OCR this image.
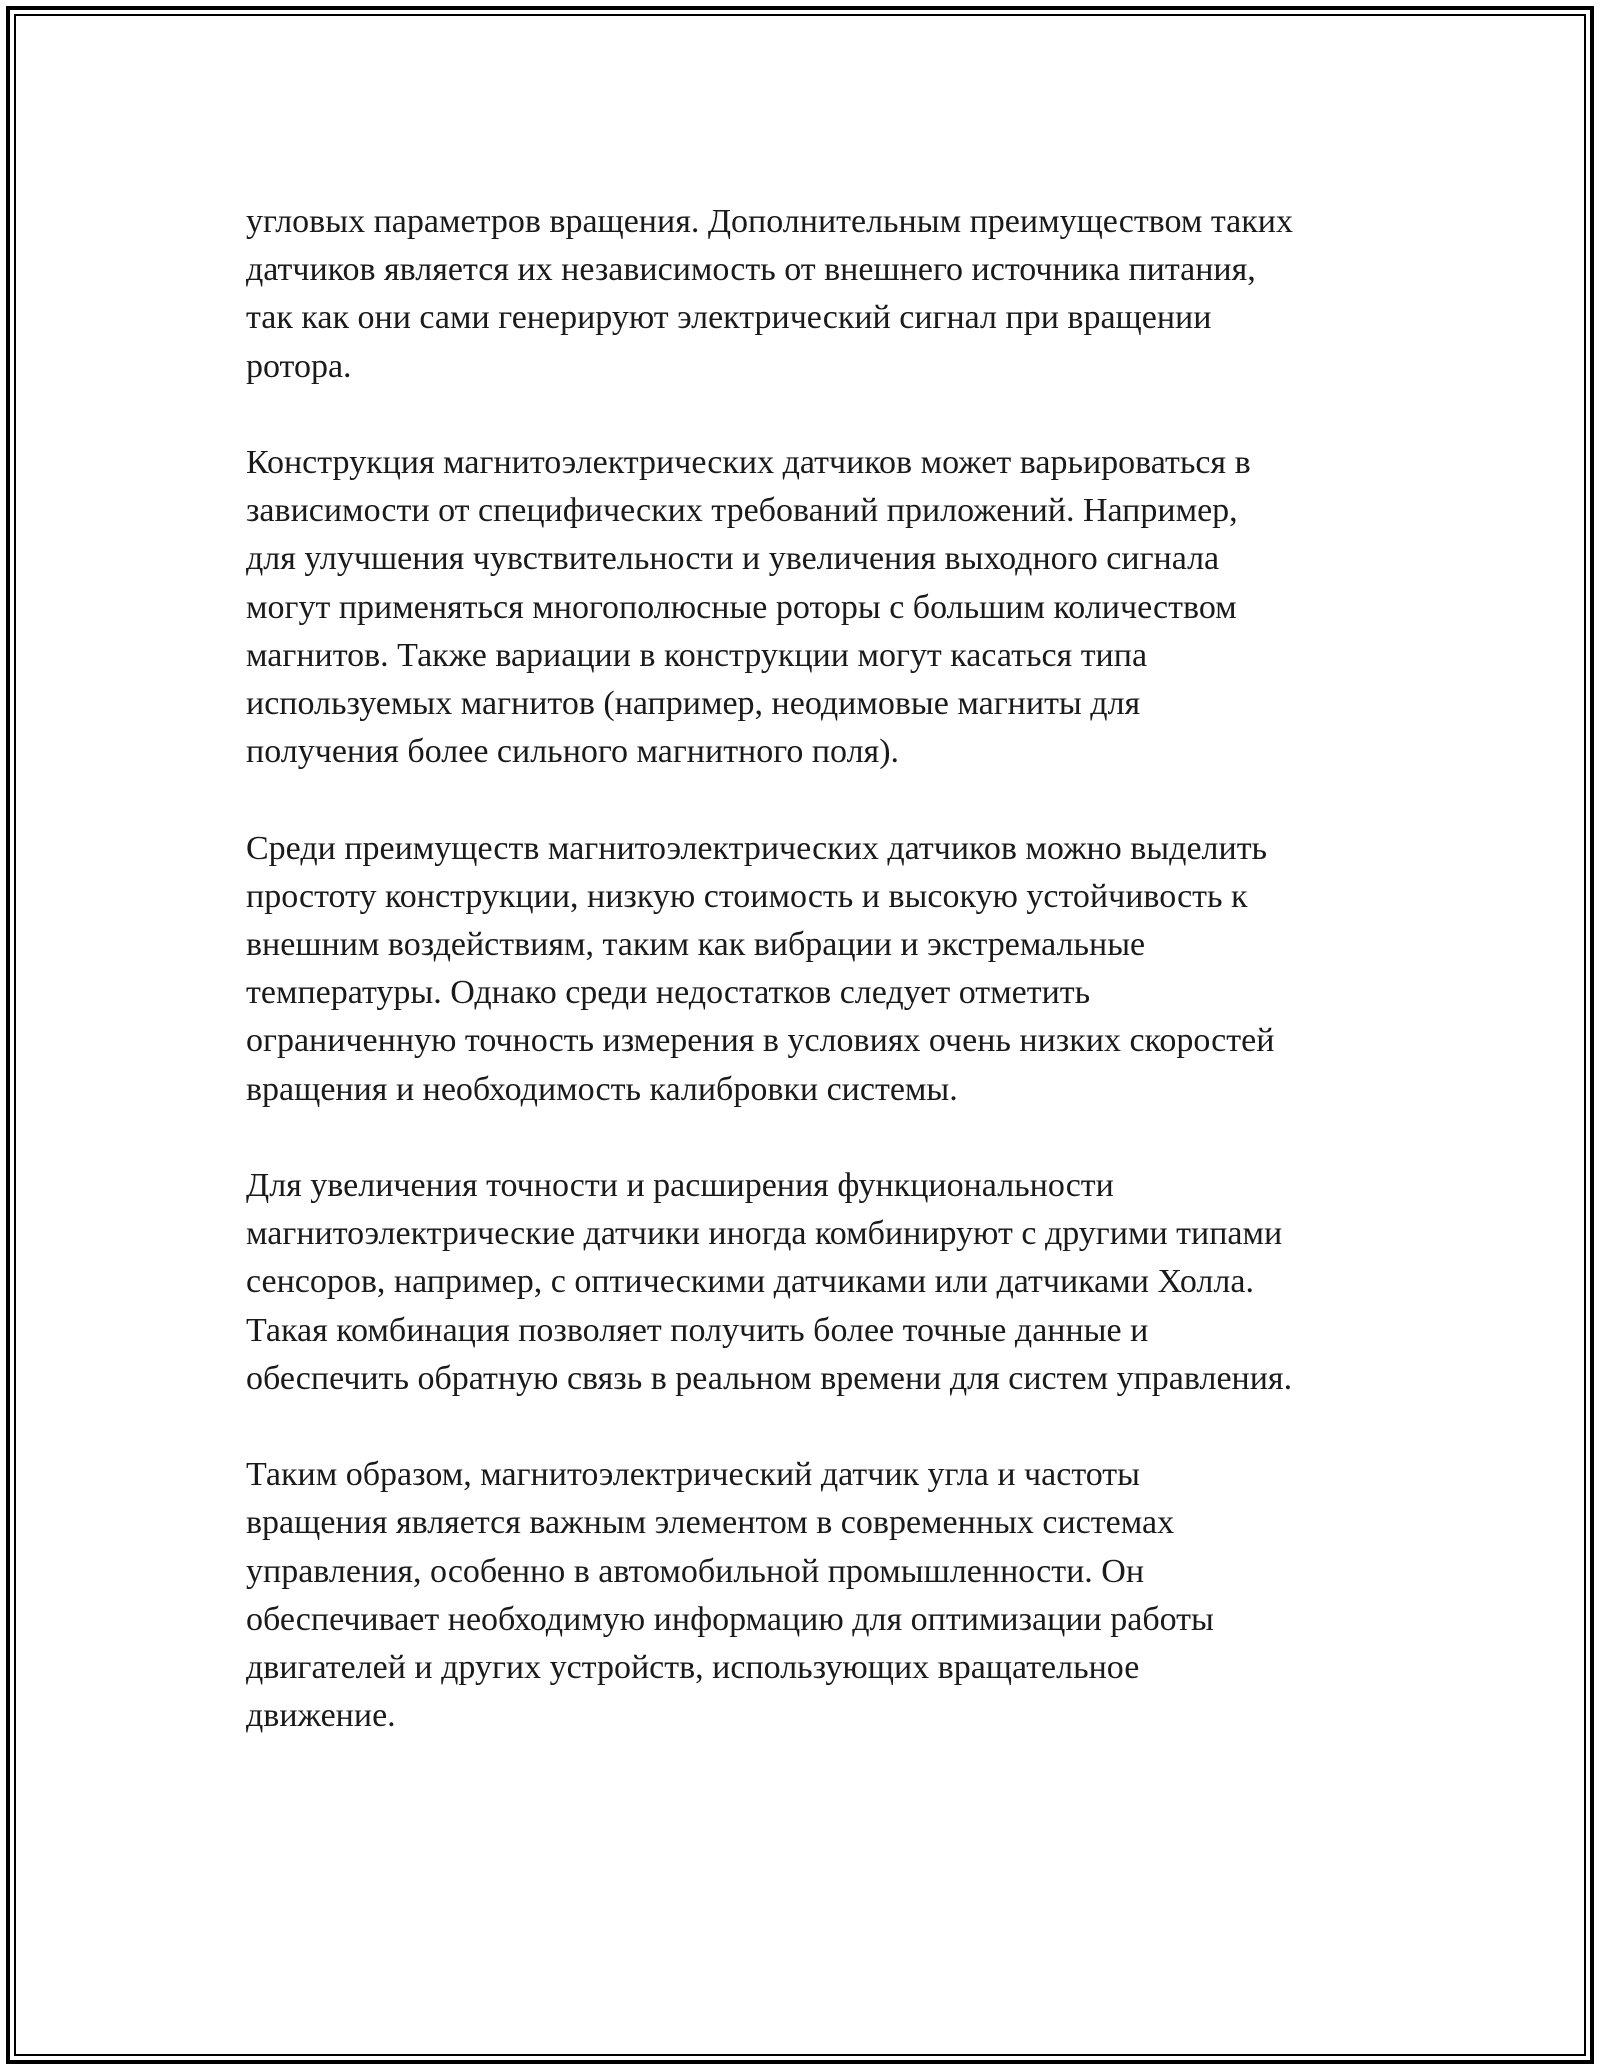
угловых параметров вращения. Дополнительным преимуществом таких
датчиков является их независимость от внешнего источника питания,
так как они сами генерируют электрический сигнал при вращении
ротора.

Конструкция магнитоэлектрических датчиков может варьироваться в
зависимости от специфических требований приложений. Например,
для улучшения чувствительности и увеличения выходного сигнала
могут применяться многополюсные роторы с большим количеством
магнитов. Также вариации в конструкции могут касаться типа
используемых магнитов (например, неодимовые магниты для
получения более сильного магнитного поля).

Среди преимуществ магнитоэлектрических датчиков можно выделить
простоту конструкции, низкую стоимость и высокую устойчивость к
внешним воздействиям, таким как вибрации и экстремальные
температуры. Однако среди недостатков следует отметить
ограниченную точность измерения в условиях очень низких скоростей
вращения и необходимость калибровки системы.

Для увеличения точности и расширения функциональности
магнитоэлектрические датчики иногда комбинируют с другими типами
сенсоров, например, с оптическими датчиками или датчиками Холла.
Такая комбинация позволяет получить более точные данные и
обеспечить обратную связь в реальном времени для систем управления.

Таким образом, магнитоэлектрический датчик угла и частоты
вращения является важным элементом в современных системах
управления, особенно в автомобильной промышленности. Он
обеспечивает необходимую информацию для оптимизации работы
двигателей и других устройств, использующих вращательное
движение.
